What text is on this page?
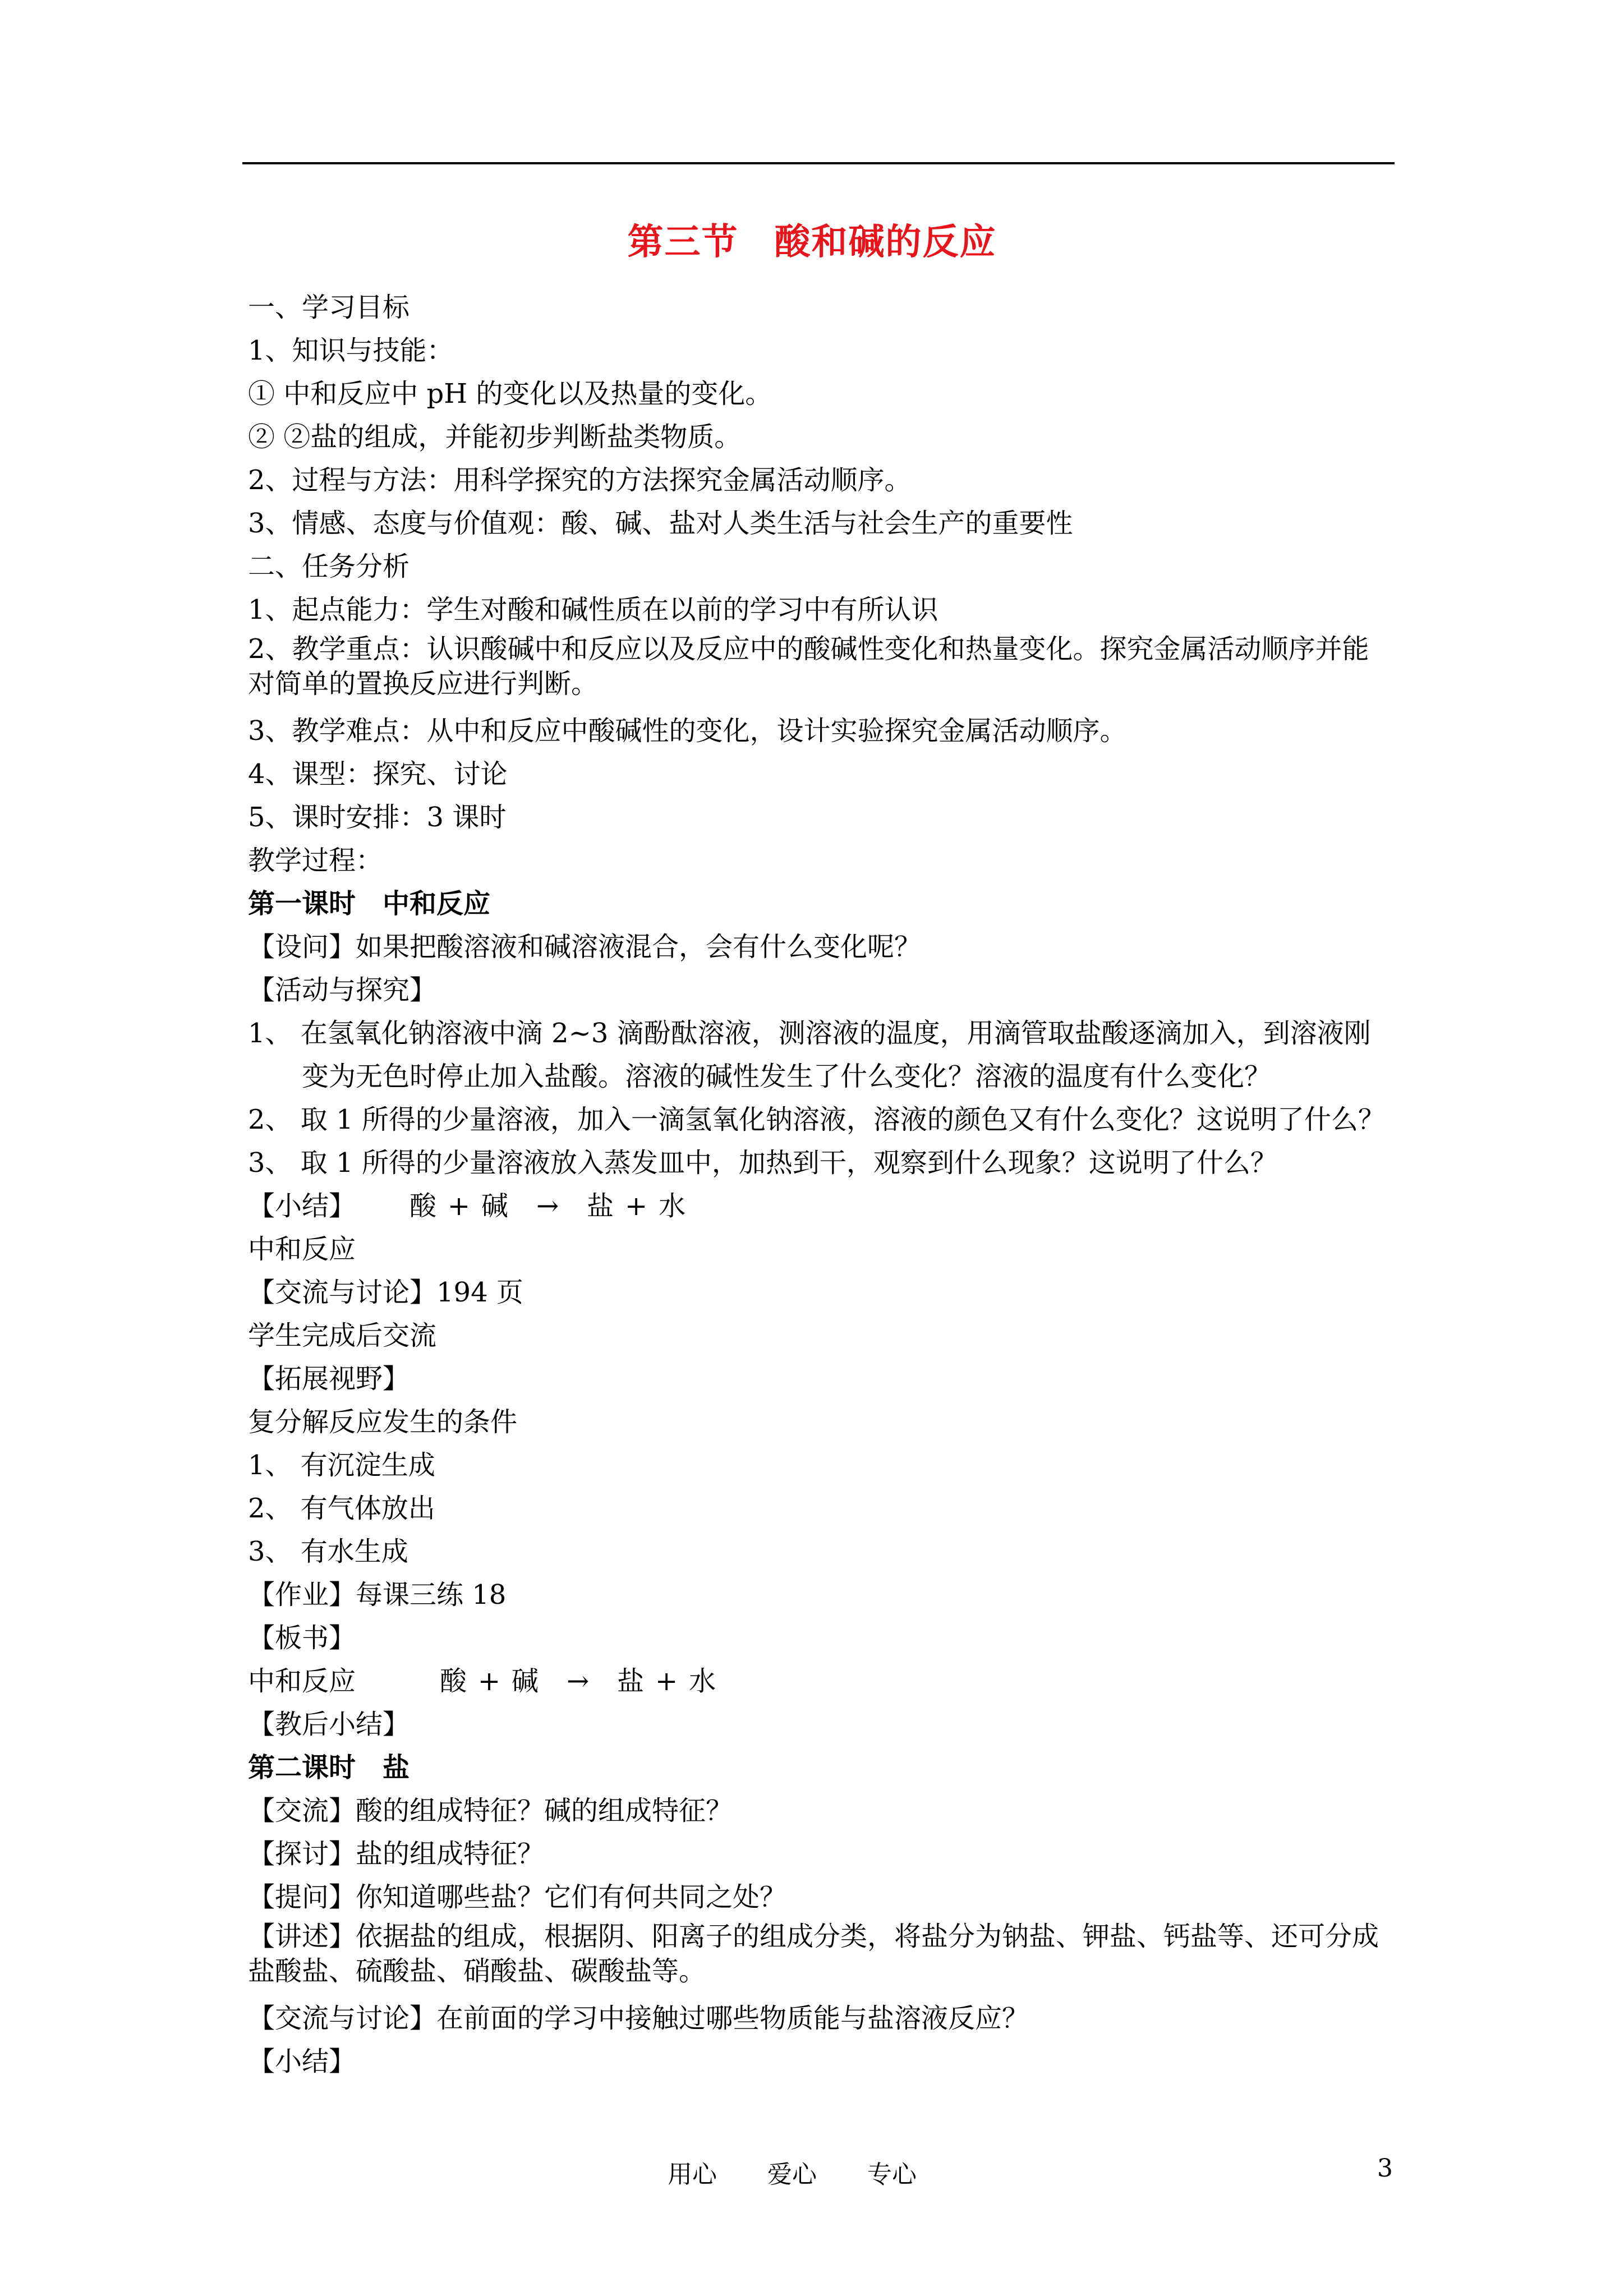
第三节 酸和碱的反应

一、学习目标

1、知识与技能：

① 中和反应中 pH 的变化以及热量的变化。

② ②盐的组成，并能初步判断盐类物质。

2、过程与方法：用科学探究的方法探究金属活动顺序。

3、情感、态度与价值观：酸、碱、盐对人类生活与社会生产的重要性

二、任务分析

1、起点能力：学生对酸和碱性质在以前的学习中有所认识

2、教学重点：认识酸碱中和反应以及反应中的酸碱性变化和热量变化。探究金属活动顺序并能对简单的置换反应进行判断。

3、教学难点：从中和反应中酸碱性的变化，设计实验探究金属活动顺序。

4、课型：探究、讨论

5、课时安排：3 课时

教学过程：

第一课时 中和反应

【设问】如果把酸溶液和碱溶液混合，会有什么变化呢？

【活动与探究】

1、 在氢氧化钠溶液中滴 2~3 滴酚酞溶液，测溶液的温度，用滴管取盐酸逐滴加入，到溶液刚变为无色时停止加入盐酸。溶液的碱性发生了什么变化？溶液的温度有什么变化？

2、 取 1 所得的少量溶液，加入一滴氢氧化钠溶液，溶液的颜色又有什么变化？这说明了什么？

3、 取 1 所得的少量溶液放入蒸发皿中，加热到干，观察到什么现象？这说明了什么？

【小结】 酸 + 碱 → 盐 + 水

中和反应

【交流与讨论】194 页

学生完成后交流

【拓展视野】

复分解反应发生的条件

1、 有沉淀生成

2、 有气体放出

3、 有水生成

【作业】每课三练 18

【板书】

中和反应	酸 + 碱 → 盐 + 水

【教后小结】

第二课时 盐

【交流】酸的组成特征？碱的组成特征？

【探讨】盐的组成特征？

【提问】你知道哪些盐？它们有何共同之处？

【讲述】依据盐的组成，根据阴、阳离子的组成分类，将盐分为钠盐、钾盐、钙盐等、还可分成盐酸盐、硫酸盐、硝酸盐、碳酸盐等。

【交流与讨论】在前面的学习中接触过哪些物质能与盐溶液反应？

【小结】

用心 爱心 专心	3
